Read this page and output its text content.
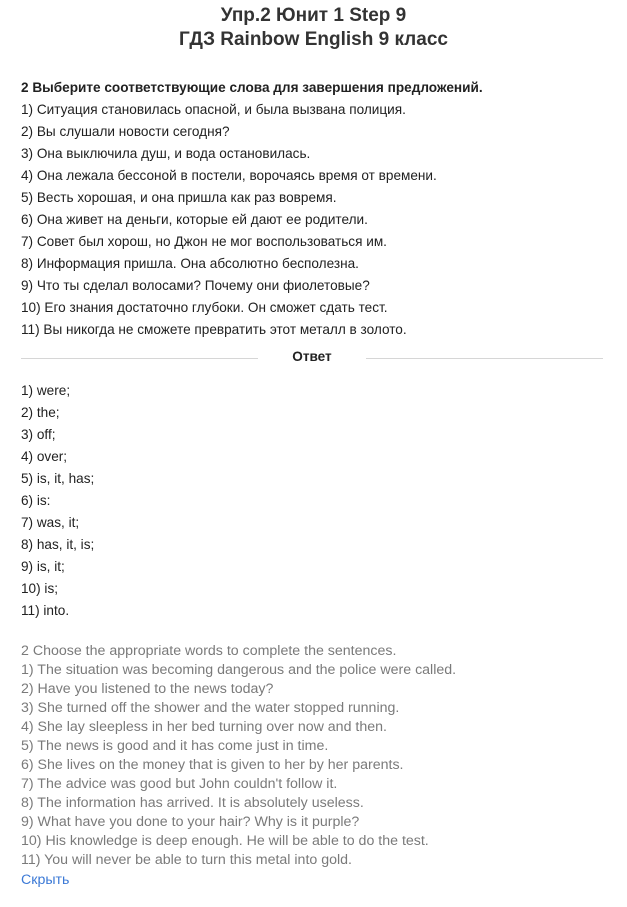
Упр.2 Юнит 1 Step 9

ГДЗ Rainbow English 9 класс

2 Выберите соответствующие слова для завершения предложений.
1) Ситуация становилась опасной, и была вызвана полиция.
2) Вы слушали новости сегодня?
3) Она выключила душ, и вода остановилась.
4) Она лежала бессоной в постели, ворочаясь время от времени.
5) Весть хорошая, и она пришла как раз вовремя.
6) Она живет на деньги, которые ей дают ее родители.
7) Совет был хорош, но Джон не мог воспользоваться им.
8) Информация пришла. Она абсолютно бесполезна.
9) Что ты сделал волосами? Почему они фиолетовые?
10) Его знания достаточно глубоки. Он сможет сдать тест.
11) Вы никогда не сможете превратить этот металл в золото.
Ответ
1) were;
2) the;
3) off;
4) over;
5) is, it, has;
6) is:
7) was, it;
8) has, it, is;
9) is, it;
10) is;
11) into.
2 Choose the appropriate words to complete the sentences.
1) The situation was becoming dangerous and the police were called.
2) Have you listened to the news today?
3) She turned off the shower and the water stopped running.
4) She lay sleepless in her bed turning over now and then.
5) The news is good and it has come just in time.
6) She lives on the money that is given to her by her parents.
7) The advice was good but John couldn't follow it.
8) The information has arrived. It is absolutely useless.
9) What have you done to your hair? Why is it purple?
10) His knowledge is deep enough. He will be able to do the test.
11) You will never be able to turn this metal into gold.
Скрыть
